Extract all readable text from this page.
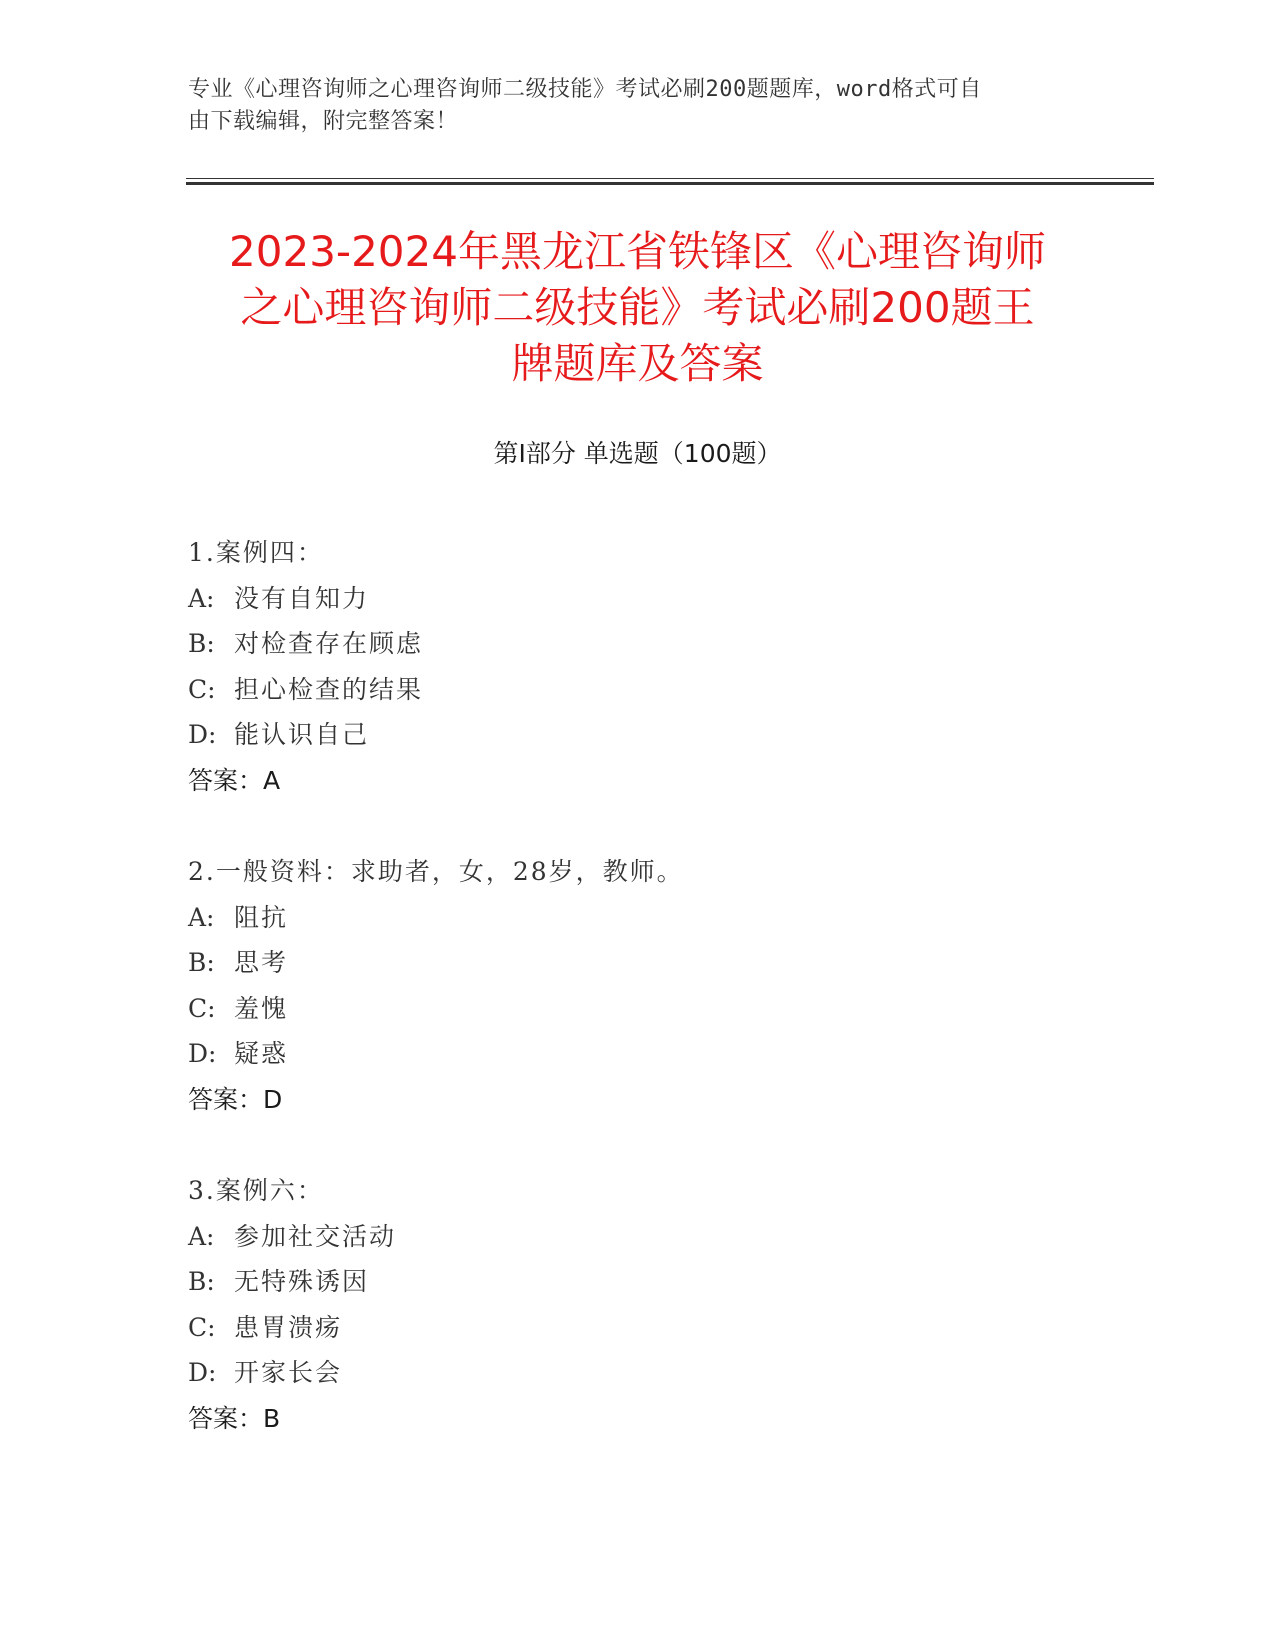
专业《心理咨询师之心理咨询师二级技能》考试必刷200题题库，word格式可自
由下载编辑，附完整答案！
2023-2024年黑龙江省铁锋区《心理咨询师
之心理咨询师二级技能》考试必刷200题王
牌题库及答案
第Ⅰ部分 单选题（100题）
1.案例四：
A: 没有自知力
B: 对检查存在顾虑
C: 担心检查的结果
D: 能认识自己
答案：A
2.一般资料：求助者，女，28岁，教师。
A: 阻抗
B: 思考
C: 羞愧
D: 疑惑
答案：D
3.案例六：
A: 参加社交活动
B: 无特殊诱因
C: 患胃溃疡
D: 开家长会
答案：B
